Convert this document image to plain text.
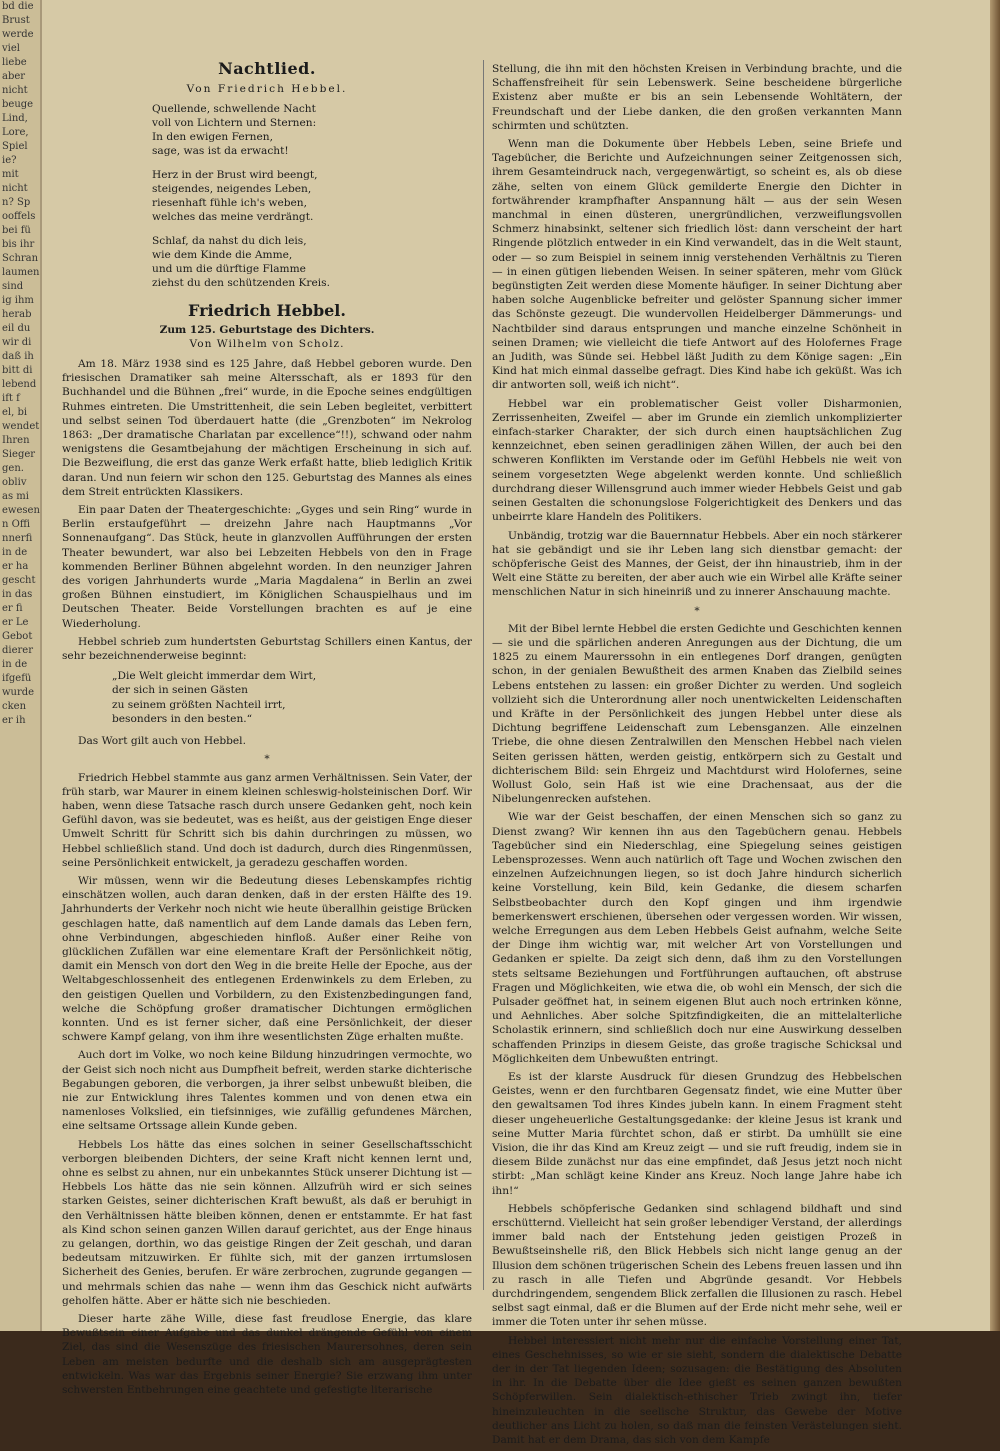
bd die
Brust
werde
viel
liebe
aber
nicht
beuge
Lind,
Lore,
Spiel
ie?
mit
nicht
n? Sp
ooffels
bei fü
bis ihr
Schran
laumen
sind
ig ihm
herab
eil du
wir di
daß ih
bitt di
lebend
ift f
el, bi
wendet
Ihren
Sieger
gen.
obliv
as mi
ewesen
n Offi
nnerfi
in de
er ha
gescht
in das
er fi
er Le
Gebot
dierer
in de
ifgefü
wurde
cken
er ih
Nachtlied.
Von Friedrich Hebbel.
Quellende, schwellende Nacht
voll von Lichtern und Sternen:
In den ewigen Fernen,
sage, was ist da erwacht!
Herz in der Brust wird beengt,
steigendes, neigendes Leben,
riesenhaft fühle ich's weben,
welches das meine verdrängt.
Schlaf, da nahst du dich leis,
wie dem Kinde die Amme,
und um die dürftige Flamme
ziehst du den schützenden Kreis.
Friedrich Hebbel.
Zum 125. Geburtstage des Dichters.
Von Wilhelm von Scholz.

Am 18. März 1938 sind es 125 Jahre, daß Hebbel geboren wurde. Den friesischen Dramatiker sah meine Altersschaft, als er 1893 für den Buchhandel und die Bühnen „frei“ wurde, in die Epoche seines endgültigen Ruhmes eintreten. Die Umstrittenheit, die sein Leben begleitet, verbittert und selbst seinen Tod überdauert hatte (die „Grenzboten“ im Nekrolog 1863: „Der dramatische Charlatan par excellence“!!), schwand oder nahm wenigstens die Gesamtbejahung der mächtigen Erscheinung in sich auf. Die Bezweiflung, die erst das ganze Werk erfaßt hatte, blieb lediglich Kritik daran. Und nun feiern wir schon den 125. Geburtstag des Mannes als eines dem Streit entrückten Klassikers.

Ein paar Daten der Theatergeschichte: „Gyges und sein Ring“ wurde in Berlin erstaufgeführt — dreizehn Jahre nach Hauptmanns „Vor Sonnenaufgang“. Das Stück, heute in glanzvollen Aufführungen der ersten Theater bewundert, war also bei Lebzeiten Hebbels von den in Frage kommenden Berliner Bühnen abgelehnt worden. In den neunziger Jahren des vorigen Jahrhunderts wurde „Maria Magdalena“ in Berlin an zwei großen Bühnen einstudiert, im Königlichen Schauspielhaus und im Deutschen Theater. Beide Vorstellungen brachten es auf je eine Wiederholung.

Hebbel schrieb zum hundertsten Geburtstag Schillers einen Kantus, der sehr bezeichnenderweise beginnt:

„Die Welt gleicht immerdar dem Wirt,
der sich in seinen Gästen
zu seinem größten Nachteil irrt,
besonders in den besten.“

Das Wort gilt auch von Hebbel.

*

Friedrich Hebbel stammte aus ganz armen Verhältnissen. Sein Vater, der früh starb, war Maurer in einem kleinen schleswig-holsteinischen Dorf. Wir haben, wenn diese Tatsache rasch durch unsere Gedanken geht, noch kein Gefühl davon, was sie bedeutet, was es heißt, aus der geistigen Enge dieser Umwelt Schritt für Schritt sich bis dahin durchringen zu müssen, wo Hebbel schließlich stand. Und doch ist dadurch, durch dies Ringenmüssen, seine Persönlichkeit entwickelt, ja geradezu geschaffen worden.

Wir müssen, wenn wir die Bedeutung dieses Lebenskampfes richtig einschätzen wollen, auch daran denken, daß in der ersten Hälfte des 19. Jahrhunderts der Verkehr noch nicht wie heute überallhin geistige Brücken geschlagen hatte, daß namentlich auf dem Lande damals das Leben fern, ohne Verbindungen, abgeschieden hinfloß. Außer einer Reihe von glücklichen Zufällen war eine elementare Kraft der Persönlichkeit nötig, damit ein Mensch von dort den Weg in die breite Helle der Epoche, aus der Weltabgeschlossenheit des entlegenen Erdenwinkels zu dem Erleben, zu den geistigen Quellen und Vorbildern, zu den Existenzbedingungen fand, welche die Schöpfung großer dramatischer Dichtungen ermöglichen konnten. Und es ist ferner sicher, daß eine Persönlichkeit, der dieser schwere Kampf gelang, von ihm ihre wesentlichsten Züge erhalten mußte.

Auch dort im Volke, wo noch keine Bildung hinzudringen vermochte, wo der Geist sich noch nicht aus Dumpfheit befreit, werden starke dichterische Begabungen geboren, die verborgen, ja ihrer selbst unbewußt bleiben, die nie zur Entwicklung ihres Talentes kommen und von denen etwa ein namenloses Volkslied, ein tiefsinniges, wie zufällig gefundenes Märchen, eine seltsame Ortssage allein Kunde geben.

Hebbels Los hätte das eines solchen in seiner Gesellschaftsschicht verborgen bleibenden Dichters, der seine Kraft nicht kennen lernt und, ohne es selbst zu ahnen, nur ein unbekanntes Stück unserer Dichtung ist — Hebbels Los hätte das nie sein können. Allzufrüh wird er sich seines starken Geistes, seiner dichterischen Kraft bewußt, als daß er beruhigt in den Verhältnissen hätte bleiben können, denen er entstammte. Er hat fast als Kind schon seinen ganzen Willen darauf gerichtet, aus der Enge hinaus zu gelangen, dorthin, wo das geistige Ringen der Zeit geschah, und daran bedeutsam mitzuwirken. Er fühlte sich, mit der ganzen irrtumslosen Sicherheit des Genies, berufen. Er wäre zerbrochen, zugrunde gegangen — und mehrmals schien das nahe — wenn ihm das Geschick nicht aufwärts geholfen hätte. Aber er hätte sich nie beschieden.

Dieser harte zähe Wille, diese fast freudlose Energie, das klare Bewußtsein einer Aufgabe und das dunkel drängende Gefühl von einem Ziel, das sind die Wesenszüge des friesischen Maurersohnes, deren sein Leben am meisten bedurfte und die deshalb sich am ausgeprägtesten entwickeln. Was war das Ergebnis seiner Energie? Sie erzwang ihm unter schwersten Entbehrungen eine geachtete und gefestigte literarische

Stellung, die ihn mit den höchsten Kreisen in Verbindung brachte, und die Schaffensfreiheit für sein Lebenswerk. Seine bescheidene bürgerliche Existenz aber mußte er bis an sein Lebensende Wohltätern, der Freundschaft und der Liebe danken, die den großen verkannten Mann schirmten und schützten.

Wenn man die Dokumente über Hebbels Leben, seine Briefe und Tagebücher, die Berichte und Aufzeichnungen seiner Zeitgenossen sich, ihrem Gesamteindruck nach, vergegenwärtigt, so scheint es, als ob diese zähe, selten von einem Glück gemilderte Energie den Dichter in fortwährender krampfhafter Anspannung hält — aus der sein Wesen manchmal in einen düsteren, unergründlichen, verzweiflungsvollen Schmerz hinabsinkt, seltener sich friedlich löst: dann verscheint der hart Ringende plötzlich entweder in ein Kind verwandelt, das in die Welt staunt, oder — so zum Beispiel in seinem innig verstehenden Verhältnis zu Tieren — in einen gütigen liebenden Weisen. In seiner späteren, mehr vom Glück begünstigten Zeit werden diese Momente häufiger. In seiner Dichtung aber haben solche Augenblicke befreiter und gelöster Spannung sicher immer das Schönste gezeugt. Die wundervollen Heidelberger Dämmerungs- und Nachtbilder sind daraus entsprungen und manche einzelne Schönheit in seinen Dramen; wie vielleicht die tiefe Antwort auf des Holofernes Frage an Judith, was Sünde sei. Hebbel läßt Judith zu dem Könige sagen: „Ein Kind hat mich einmal dasselbe gefragt. Dies Kind habe ich geküßt. Was ich dir antworten soll, weiß ich nicht“.

Hebbel war ein problematischer Geist voller Disharmonien, Zerrissenheiten, Zweifel — aber im Grunde ein ziemlich unkomplizierter einfach-starker Charakter, der sich durch einen hauptsächlichen Zug kennzeichnet, eben seinen geradlinigen zähen Willen, der auch bei den schweren Konflikten im Verstande oder im Gefühl Hebbels nie weit von seinem vorgesetzten Wege abgelenkt werden konnte. Und schließlich durchdrang dieser Willensgrund auch immer wieder Hebbels Geist und gab seinen Gestalten die schonungslose Folgerichtigkeit des Denkers und das unbeirrte klare Handeln des Politikers.

Unbändig, trotzig war die Bauernnatur Hebbels. Aber ein noch stärkerer hat sie gebändigt und sie ihr Leben lang sich dienstbar gemacht: der schöpferische Geist des Mannes, der Geist, der ihn hinaustrieb, ihm in der Welt eine Stätte zu bereiten, der aber auch wie ein Wirbel alle Kräfte seiner menschlichen Natur in sich hineinriß und zu innerer Anschauung machte.

*

Mit der Bibel lernte Hebbel die ersten Gedichte und Geschichten kennen — sie und die spärlichen anderen Anregungen aus der Dichtung, die um 1825 zu einem Maurerssohn in ein entlegenes Dorf drangen, genügten schon, in der genialen Bewußtheit des armen Knaben das Zielbild seines Lebens entstehen zu lassen: ein großer Dichter zu werden. Und sogleich vollzieht sich die Unterordnung aller noch unentwickelten Leidenschaften und Kräfte in der Persönlichkeit des jungen Hebbel unter diese als Dichtung begriffene Leidenschaft zum Lebensganzen. Alle einzelnen Triebe, die ohne diesen Zentralwillen den Menschen Hebbel nach vielen Seiten gerissen hätten, werden geistig, entkörpern sich zu Gestalt und dichterischem Bild: sein Ehrgeiz und Machtdurst wird Holofernes, seine Wollust Golo, sein Haß ist wie eine Drachensaat, aus der die Nibelungenrecken aufstehen.

Wie war der Geist beschaffen, der einen Menschen sich so ganz zu Dienst zwang? Wir kennen ihn aus den Tagebüchern genau. Hebbels Tagebücher sind ein Niederschlag, eine Spiegelung seines geistigen Lebensprozesses. Wenn auch natürlich oft Tage und Wochen zwischen den einzelnen Aufzeichnungen liegen, so ist doch Jahre hindurch sicherlich keine Vorstellung, kein Bild, kein Gedanke, die diesem scharfen Selbstbeobachter durch den Kopf gingen und ihm irgendwie bemerkenswert erschienen, übersehen oder vergessen worden. Wir wissen, welche Erregungen aus dem Leben Hebbels Geist aufnahm, welche Seite der Dinge ihm wichtig war, mit welcher Art von Vorstellungen und Gedanken er spielte. Da zeigt sich denn, daß ihm zu den Vorstellungen stets seltsame Beziehungen und Fortführungen auftauchen, oft abstruse Fragen und Möglichkeiten, wie etwa die, ob wohl ein Mensch, der sich die Pulsader geöffnet hat, in seinem eigenen Blut auch noch ertrinken könne, und Aehnliches. Aber solche Spitzfindigkeiten, die an mittelalterliche Scholastik erinnern, sind schließlich doch nur eine Auswirkung desselben schaffenden Prinzips in diesem Geiste, das große tragische Schicksal und Möglichkeiten dem Unbewußten entringt.

Es ist der klarste Ausdruck für diesen Grundzug des Hebbelschen Geistes, wenn er den furchtbaren Gegensatz findet, wie eine Mutter über den gewaltsamen Tod ihres Kindes jubeln kann. In einem Fragment steht dieser ungeheuerliche Gestaltungsgedanke: der kleine Jesus ist krank und seine Mutter Maria fürchtet schon, daß er stirbt. Da umhüllt sie eine Vision, die ihr das Kind am Kreuz zeigt — und sie ruft freudig, indem sie in diesem Bilde zunächst nur das eine empfindet, daß Jesus jetzt noch nicht stirbt: „Man schlägt keine Kinder ans Kreuz. Noch lange Jahre habe ich ihn!“

Hebbels schöpferische Gedanken sind schlagend bildhaft und sind erschütternd. Vielleicht hat sein großer lebendiger Verstand, der allerdings immer bald nach der Entstehung jeden geistigen Prozeß in Bewußtseinshelle riß, den Blick Hebbels sich nicht lange genug an der Illusion dem schönen trügerischen Schein des Lebens freuen lassen und ihn zu rasch in alle Tiefen und Abgründe gesandt. Vor Hebbels durchdringendem, sengendem Blick zerfallen die Illusionen zu rasch. Hebel selbst sagt einmal, daß er die Blumen auf der Erde nicht mehr sehe, weil er immer die Toten unter ihr sehen müsse.

Hebbel interessiert nicht mehr nur die einfache Vorstellung einer Tat, eines Geschehnisses, so wie er sie sieht, sondern die dialektische Debatte der in der Tat liegenden Ideen; sozusagen: die Bestätigung des Absoluten in ihr. In die Debatte über die Idee gießt es seinen ganzen bewußten Schöpferwillen. Sein dialektisch-ethischer Trieb zwingt ihn, tiefer hineinzuleuchten in die seelische Struktur, das Gewebe der Motive deutlicher ans Licht zu holen, so daß man die feinsten Verästelungen sieht. Damit hat er dem Drama, das sich von dem Kampfe
